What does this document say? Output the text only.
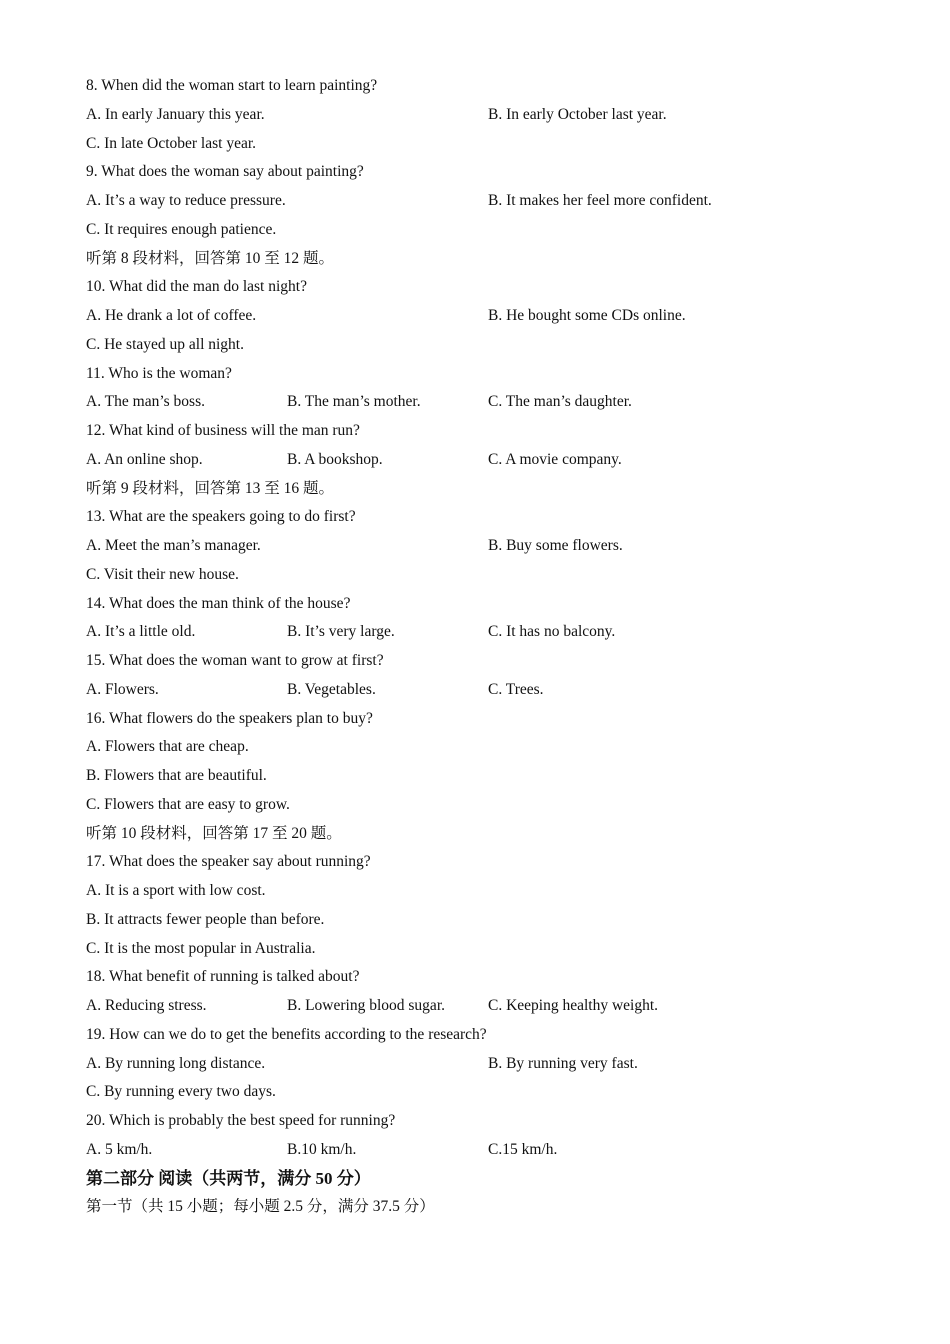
8. When did the woman start to learn painting?
A. In early January this year.	B. In early October last year.
C. In late October last year.
9. What does the woman say about painting?
A. It’s a way to reduce pressure.	B. It makes her feel more confident.
C. It requires enough patience.
听第 8 段材料，回答第 10 至 12 题。
10. What did the man do last night?
A. He drank a lot of coffee.	B. He bought some CDs online.
C. He stayed up all night.
11. Who is the woman?
A. The man’s boss.	B. The man’s mother.	C. The man’s daughter.
12. What kind of business will the man run?
A. An online shop.	B. A bookshop.	C. A movie company.
听第 9 段材料，回答第 13 至 16 题。
13. What are the speakers going to do first?
A. Meet the man’s manager.	B. Buy some flowers.
C. Visit their new house.
14. What does the man think of the house?
A. It’s a little old.	B. It’s very large.	C. It has no balcony.
15. What does the woman want to grow at first?
A. Flowers.	B. Vegetables.	C. Trees.
16. What flowers do the speakers plan to buy?
A. Flowers that are cheap.
B. Flowers that are beautiful.
C. Flowers that are easy to grow.
听第 10 段材料，回答第 17 至 20 题。
17. What does the speaker say about running?
A. It is a sport with low cost.
B. It attracts fewer people than before.
C. It is the most popular in Australia.
18. What benefit of running is talked about?
A. Reducing stress.	B. Lowering blood sugar.	C. Keeping healthy weight.
19. How can we do to get the benefits according to the research?
A. By running long distance.	B. By running very fast.
C. By running every two days.
20. Which is probably the best speed for running?
A. 5 km/h.	B.10 km/h.	C.15 km/h.
第二部分 阅读（共两节，满分 50 分）
第一节（共 15 小题；每小题 2.5 分，满分 37.5 分）
